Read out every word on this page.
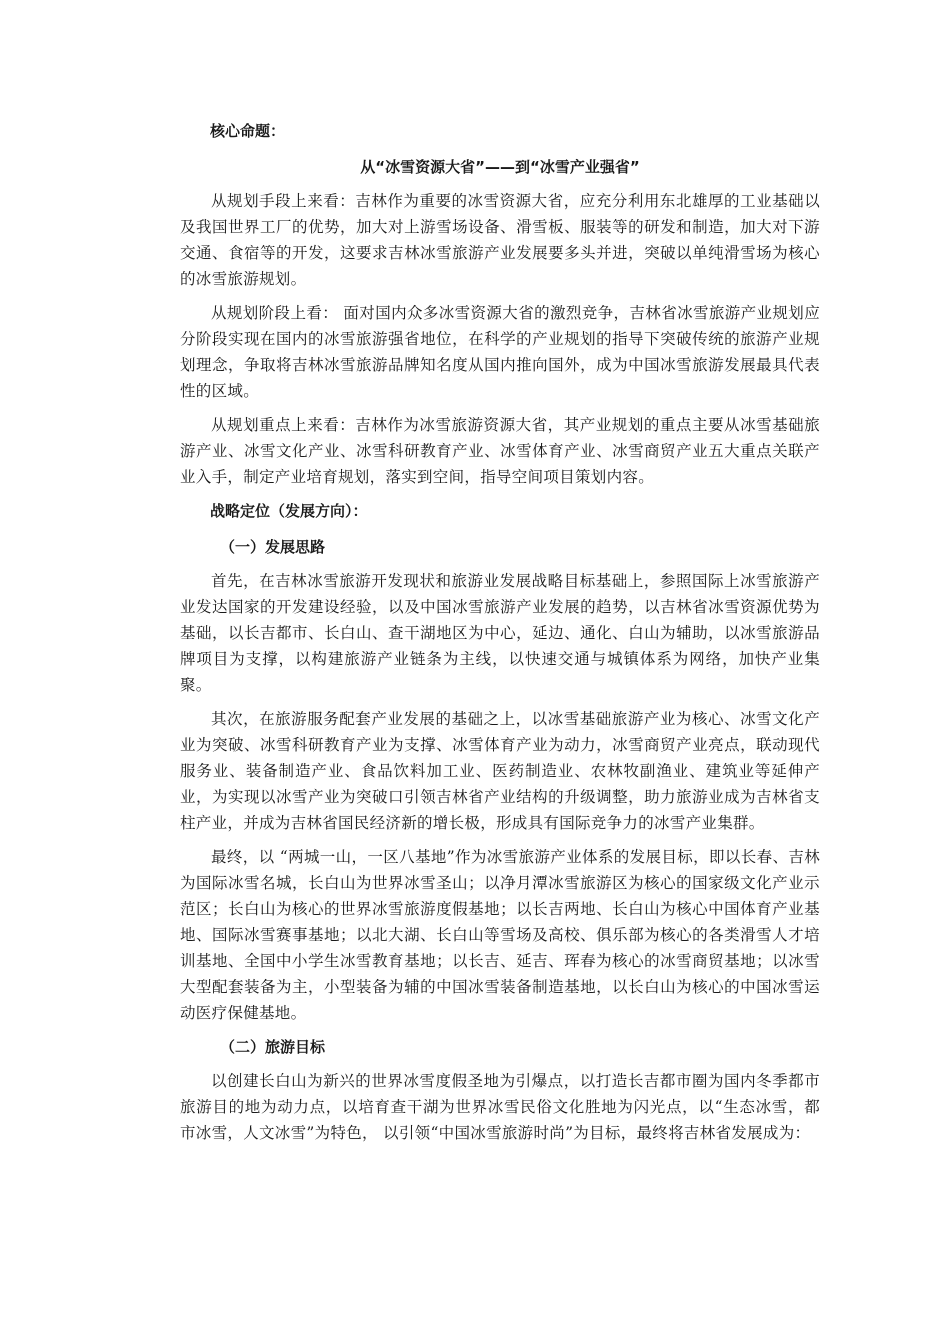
核心命题：

从“冰雪资源大省”——到“冰雪产业强省”

从规划手段上来看：吉林作为重要的冰雪资源大省，应充分利用东北雄厚的工业基础以及我国世界工厂的优势，加大对上游雪场设备、滑雪板、服装等的研发和制造，加大对下游交通、食宿等的开发，这要求吉林冰雪旅游产业发展要多头并进，突破以单纯滑雪场为核心的冰雪旅游规划。

从规划阶段上看： 面对国内众多冰雪资源大省的激烈竞争，吉林省冰雪旅游产业规划应分阶段实现在国内的冰雪旅游强省地位，在科学的产业规划的指导下突破传统的旅游产业规划理念，争取将吉林冰雪旅游品牌知名度从国内推向国外，成为中国冰雪旅游发展最具代表性的区域。

从规划重点上来看：吉林作为冰雪旅游资源大省，其产业规划的重点主要从冰雪基础旅游产业、冰雪文化产业、冰雪科研教育产业、冰雪体育产业、冰雪商贸产业五大重点关联产业入手，制定产业培育规划，落实到空间，指导空间项目策划内容。

战略定位（发展方向）：

（一）发展思路

首先，在吉林冰雪旅游开发现状和旅游业发展战略目标基础上，参照国际上冰雪旅游产业发达国家的开发建设经验，以及中国冰雪旅游产业发展的趋势，以吉林省冰雪资源优势为基础，以长吉都市、长白山、查干湖地区为中心，延边、通化、白山为辅助，以冰雪旅游品牌项目为支撑，以构建旅游产业链条为主线，以快速交通与城镇体系为网络，加快产业集聚。

其次，在旅游服务配套产业发展的基础之上，以冰雪基础旅游产业为核心、冰雪文化产业为突破、冰雪科研教育产业为支撑、冰雪体育产业为动力，冰雪商贸产业亮点，联动现代服务业、装备制造产业、食品饮料加工业、医药制造业、农林牧副渔业、建筑业等延伸产业，为实现以冰雪产业为突破口引领吉林省产业结构的升级调整，助力旅游业成为吉林省支柱产业，并成为吉林省国民经济新的增长极，形成具有国际竞争力的冰雪产业集群。

最终，以 “两城一山，一区八基地”作为冰雪旅游产业体系的发展目标，即以长春、吉林为国际冰雪名城，长白山为世界冰雪圣山；以净月潭冰雪旅游区为核心的国家级文化产业示范区；长白山为核心的世界冰雪旅游度假基地；以长吉两地、长白山为核心中国体育产业基地、国际冰雪赛事基地；以北大湖、长白山等雪场及高校、俱乐部为核心的各类滑雪人才培训基地、全国中小学生冰雪教育基地；以长吉、延吉、珲春为核心的冰雪商贸基地；以冰雪大型配套装备为主，小型装备为辅的中国冰雪装备制造基地，以长白山为核心的中国冰雪运动医疗保健基地。

（二）旅游目标

以创建长白山为新兴的世界冰雪度假圣地为引爆点，以打造长吉都市圈为国内冬季都市旅游目的地为动力点，以培育查干湖为世界冰雪民俗文化胜地为闪光点，以“生态冰雪，都市冰雪，人文冰雪”为特色， 以引领“中国冰雪旅游时尚”为目标，最终将吉林省发展成为：
